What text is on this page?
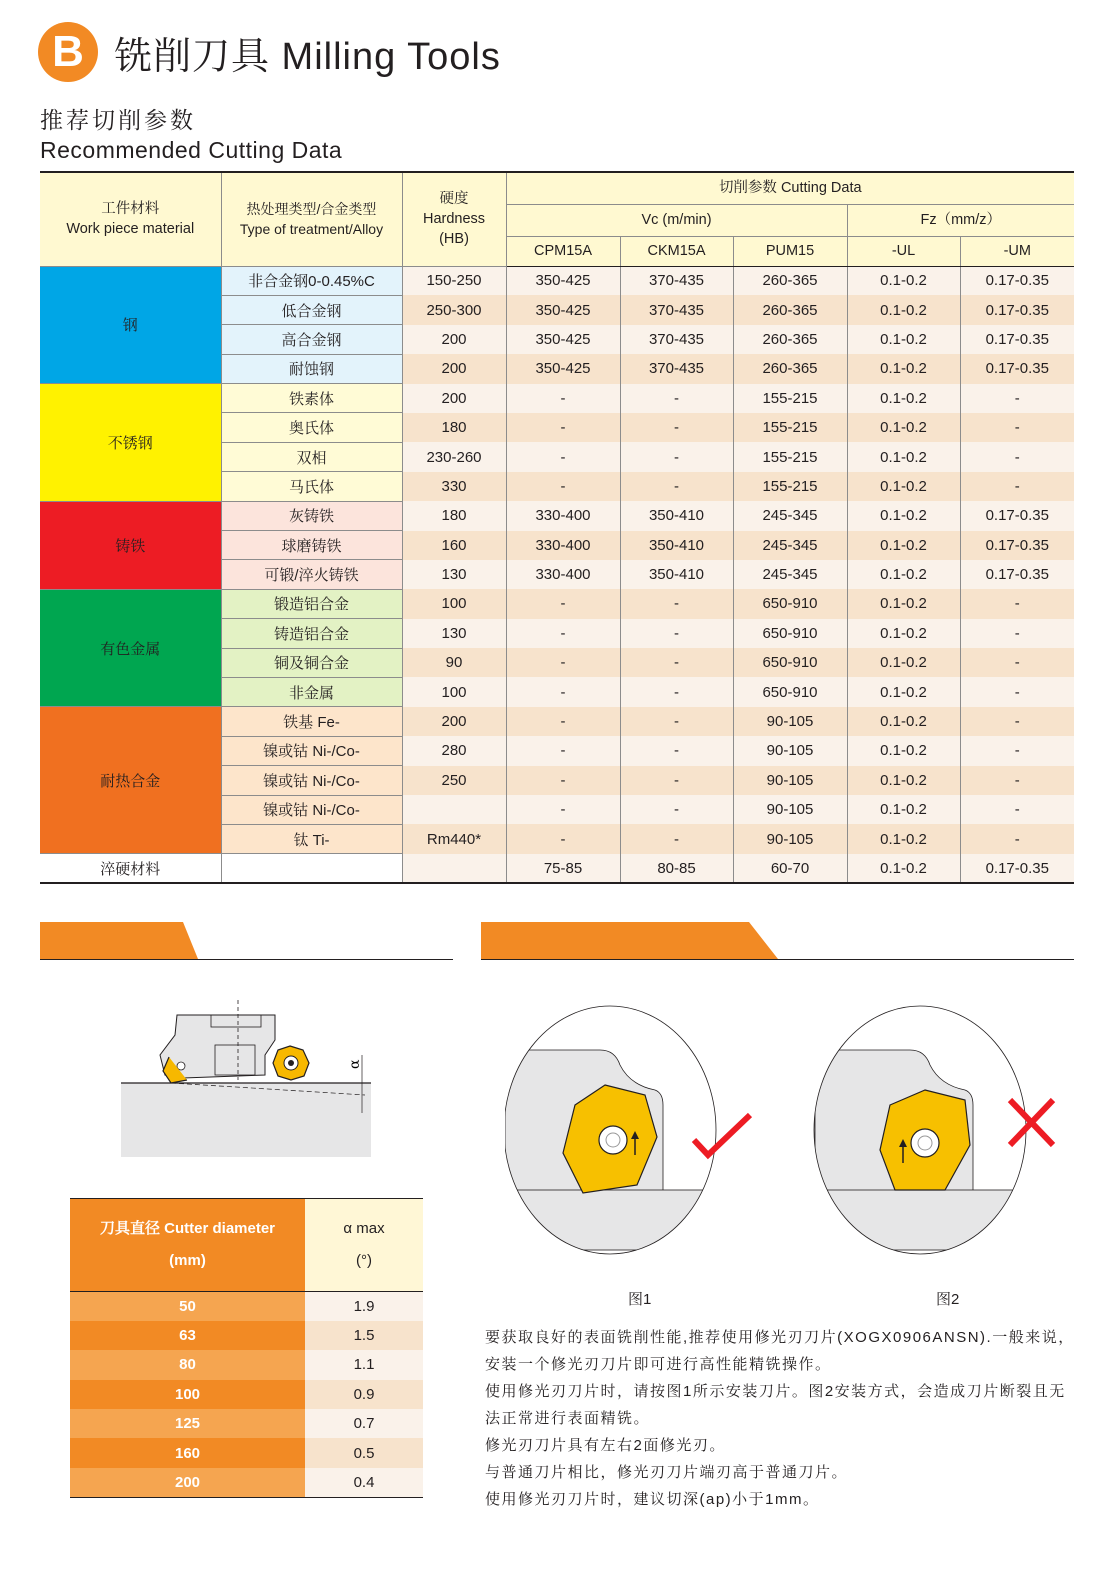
B 铣削刀具 Milling Tools
推荐切削参数
Recommended Cutting Data
工件材料
Work piece material

热处理类型/合金类型
Type of treatment/Alloy

硬度
Hardness
(HB)
	切削参数 Cutting Data
			Vc (m/min)			Fz（mm/z）	
			CPM15A	CKM15A	PUM15	-UL	-UM
钢	非合金钢0-0.45%C	150-250	350-425	370-435	260-365	0.1-0.2	0.17-0.35
	低合金钢	250-300	350-425	370-435	260-365	0.1-0.2	0.17-0.35
	高合金钢	200	350-425	370-435	260-365	0.1-0.2	0.17-0.35
	耐蚀钢	200	350-425	370-435	260-365	0.1-0.2	0.17-0.35
不锈钢	铁素体	200	-	-	155-215	0.1-0.2	-
	奥氏体	180	-	-	155-215	0.1-0.2	-
	双相	230-260	-	-	155-215	0.1-0.2	-
	马氏体	330	-	-	155-215	0.1-0.2	-
铸铁	灰铸铁	180	330-400	350-410	245-345	0.1-0.2	0.17-0.35
	球磨铸铁	160	330-400	350-410	245-345	0.1-0.2	0.17-0.35
	可锻/淬火铸铁	130	330-400	350-410	245-345	0.1-0.2	0.17-0.35
有色金属	锻造铝合金	100	-	-	650-910	0.1-0.2	-
	铸造铝合金	130	-	-	650-910	0.1-0.2	-
	铜及铜合金	90	-	-	650-910	0.1-0.2	-
	非金属	100	-	-	650-910	0.1-0.2	-
耐热合金	铁基 Fe-	200	-	-	90-105	0.1-0.2	-
	镍或钴 Ni-/Co-	280	-	-	90-105	0.1-0.2	-
	镍或钴 Ni-/Co-	250	-	-	90-105	0.1-0.2	-
	镍或钴 Ni-/Co-		-	-	90-105	0.1-0.2	-
	钛 Ti-	Rm440*	-	-	90-105	0.1-0.2	-
淬硬材料			75-85	80-85	60-70	0.1-0.2	0.17-0.35
α
刀具直径 Cutter diameter
(mm)

α max
(°)

50	1.9
63	1.5
80	1.1
100	0.9
125	0.7
160	0.5
200	0.4
图1	图2
要获取良好的表面铣削性能,推荐使用修光刃刀片(XOGX0906ANSN).一般来说，安装一个修光刃刀片即可进行高性能精铣操作。
使用修光刃刀片时，请按图1所示安装刀片。图2安装方式，会造成刀片断裂且无法正常进行表面精铣。
修光刃刀片具有左右2面修光刃。
与普通刀片相比，修光刃刀片端刃高于普通刀片。
使用修光刃刀片时，建议切深(ap)小于1mm。
